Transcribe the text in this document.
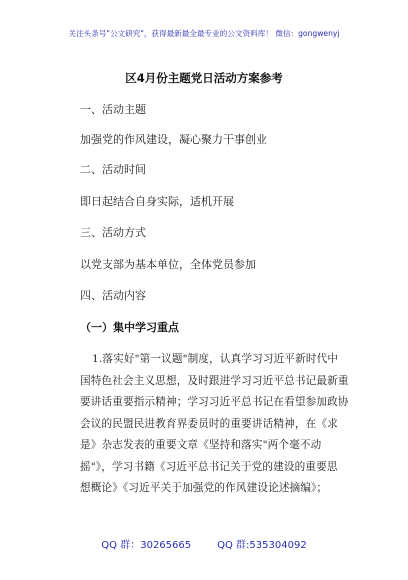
关注头条号"公文研究"，获得最新最全最专业的公文资料库！ 微信：gongwenyj
区4月份主题党日活动方案参考
一、活动主题
加强党的作风建设，凝心聚力干事创业
二、活动时间
即日起结合自身实际，适机开展
三、活动方式
以党支部为基本单位，全体党员参加
四、活动内容
（一）集中学习重点
1.落实好"第一议题"制度，认真学习习近平新时代中
国特色社会主义思想，及时跟进学习习近平总书记最新重
要讲话重要指示精神；学习习近平总书记在看望参加政协
会议的民盟民进教育界委员时的重要讲话精神，在《求
是》杂志发表的重要文章《坚持和落实"两个毫不动
摇"》，学习书籍《习近平总书记关于党的建设的重要思
想概论》《习近平关于加强党的作风建设论述摘编》；
QQ 群：30265665	QQ 群:535304092
